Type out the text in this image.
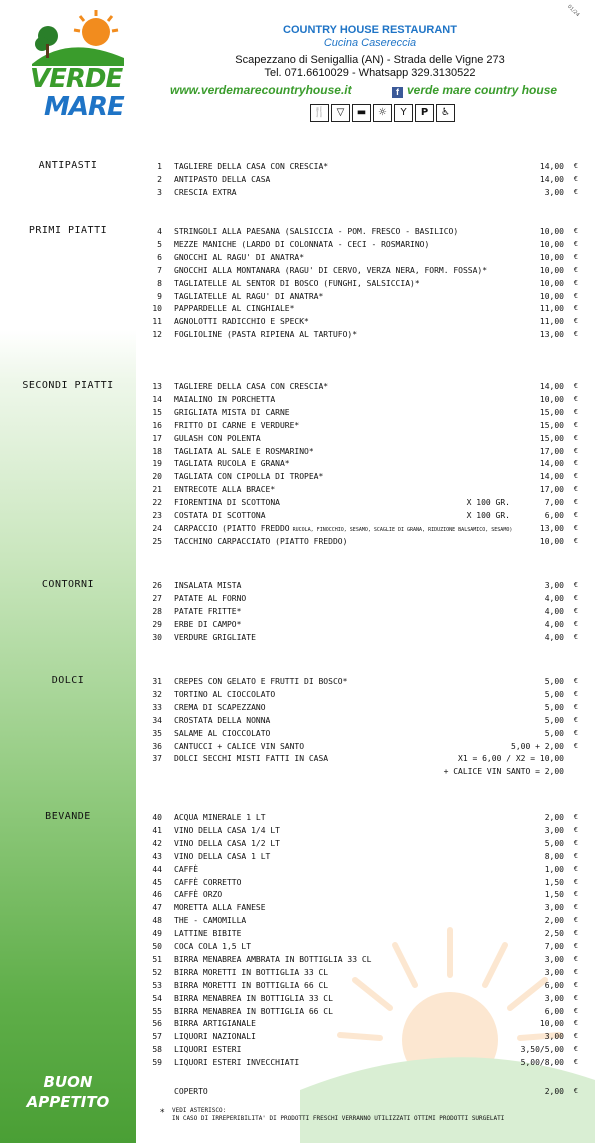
VERDE
MARE
01/24
COUNTRY HOUSE RESTAURANT
Cucina Casereccia
Scapezzano di Senigallia (AN) - Strada delle Vigne 273
Tel. 071.6610029 - Whatsapp 329.3130522
www.verdemarecountryhouse.it	f verde mare country house
🍴	▽	▬	☼	Y	P	♿
ANTIPASTI	1 TAGLIERE DELLA CASA CON CRESCIA*	14,00 €
2 ANTIPASTO DELLA CASA	14,00 €
3 CRESCIA EXTRA	3,00 €
PRIMI PIATTI	4 STRINGOLI ALLA PAESANA (SALSICCIA - POM. FRESCO - BASILICO)	10,00 €
5 MEZZE MANICHE (LARDO DI COLONNATA - CECI - ROSMARINO)	10,00 €
6 GNOCCHI AL RAGU' DI ANATRA*	10,00 €
7 GNOCCHI ALLA MONTANARA (RAGU' DI CERVO, VERZA NERA, FORM. FOSSA)*	10,00 €
8 TAGLIATELLE AL SENTOR DI BOSCO (FUNGHI, SALSICCIA)*	10,00 €
9 TAGLIATELLE AL RAGU' DI ANATRA*	10,00 €
10 PAPPARDELLE AL CINGHIALE*	11,00 €
11 AGNOLOTTI RADICCHIO E SPECK*	11,00 €
12 FOGLIOLINE (PASTA RIPIENA AL TARTUFO)*	13,00 €
SECONDI PIATTI	13 TAGLIERE DELLA CASA CON CRESCIA*	14,00 €
14 MAIALINO IN PORCHETTA	10,00 €
15 GRIGLIATA MISTA DI CARNE	15,00 €
16 FRITTO DI CARNE E VERDURE*	15,00 €
17 GULASH CON POLENTA	15,00 €
18 TAGLIATA AL SALE E ROSMARINO*	17,00 €
19 TAGLIATA RUCOLA E GRANA*	14,00 €
20 TAGLIATA CON CIPOLLA DI TROPEA*	14,00 €
21 ENTRECOTE ALLA BRACE*	17,00 €
22 FIORENTINA DI SCOTTONA	X 100 GR.	7,00 €
23 COSTATA DI SCOTTONA	X 100 GR.	6,00 €
24 CARPACCIO (PIATTO FREDDO RUCOLA, FINOCCHIO, SESAMO, SCAGLIE DI GRANA, RIDUZIONE BALSAMICO, SESAMO)	13,00 €
25 TACCHINO CARPACCIATO (PIATTO FREDDO)	10,00 €
CONTORNI	26 INSALATA MISTA	3,00 €
27 PATATE AL FORNO	4,00 €
28 PATATE FRITTE*	4,00 €
29 ERBE DI CAMPO*	4,00 €
30 VERDURE GRIGLIATE	4,00 €
DOLCI	31 CREPES CON GELATO E FRUTTI DI BOSCO*	5,00 €
32 TORTINO AL CIOCCOLATO	5,00 €
33 CREMA DI SCAPEZZANO	5,00 €
34 CROSTATA DELLA NONNA	5,00 €
35 SALAME AL CIOCCOLATO	5,00 €
36 CANTUCCI + CALICE VIN SANTO	5,00 + 2,00 €
37 DOLCI SECCHI MISTI FATTI IN CASA	X1 = 6,00 / X2 = 10,00
+ CALICE VIN SANTO = 2,00
BEVANDE	40 ACQUA MINERALE 1 LT	2,00 €
41 VINO DELLA CASA 1/4 LT	3,00 €
42 VINO DELLA CASA 1/2 LT	5,00 €
43 VINO DELLA CASA 1 LT	8,00 €
44 CAFFÈ	1,00 €
45 CAFFÈ CORRETTO	1,50 €
46 CAFFÈ ORZO	1,50 €
47 MORETTA ALLA FANESE	3,00 €
48 THE - CAMOMILLA	2,00 €
49 LATTINE BIBITE	2,50 €
50 COCA COLA 1,5 LT	7,00 €
51 BIRRA MENABREA AMBRATA IN BOTTIGLIA 33 CL	3,00 €
52 BIRRA MORETTI IN BOTTIGLIA 33 CL	3,00 €
53 BIRRA MORETTI IN BOTTIGLIA 66 CL	6,00 €
54 BIRRA MENABREA IN BOTTIGLIA 33 CL	3,00 €
55 BIRRA MENABREA IN BOTTIGLIA 66 CL	6,00 €
56 BIRRA ARTIGIANALE	10,00 €
57 LIQUORI NAZIONALI	3,00 €
58 LIQUORI ESTERI	3,50/5,00 €
59 LIQUORI ESTERI INVECCHIATI	5,00/8,00 €
BUON
APPETITO
COPERTO	2,00 €
* VEDI ASTERISCO:
IN CASO DI IRREPERIBILITA' DI PRODOTTI FRESCHI VERRANNO UTILIZZATI OTTIMI PRODOTTI SURGELATI
